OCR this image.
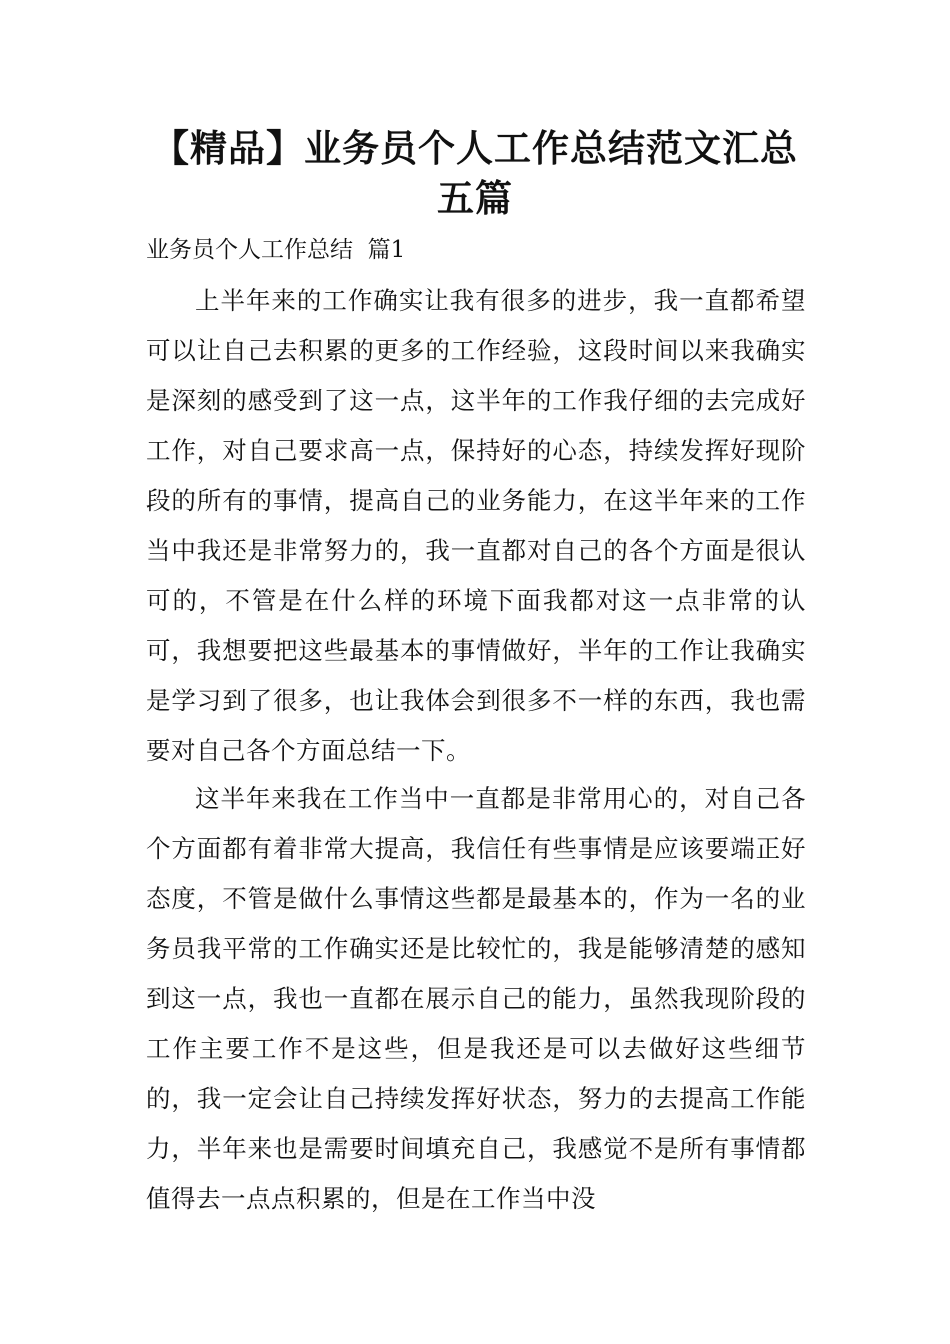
【精品】业务员个人工作总结范文汇总五篇

业务员个人工作总结  篇1

上半年来的工作确实让我有很多的进步，我一直都希望可以让自己去积累的更多的工作经验，这段时间以来我确实是深刻的感受到了这一点，这半年的工作我仔细的去完成好工作，对自己要求高一点，保持好的心态，持续发挥好现阶段的所有的事情，提高自己的业务能力，在这半年来的工作当中我还是非常努力的，我一直都对自己的各个方面是很认可的，不管是在什么样的环境下面我都对这一点非常的认可，我想要把这些最基本的事情做好，半年的工作让我确实是学习到了很多，也让我体会到很多不一样的东西，我也需要对自己各个方面总结一下。

这半年来我在工作当中一直都是非常用心的，对自己各个方面都有着非常大提高，我信任有些事情是应该要端正好态度，不管是做什么事情这些都是最基本的，作为一名的业务员我平常的工作确实还是比较忙的，我是能够清楚的感知到这一点，我也一直都在展示自己的能力，虽然我现阶段的工作主要工作不是这些，但是我还是可以去做好这些细节的，我一定会让自己持续发挥好状态，努力的去提高工作能力，半年来也是需要时间填充自己，我感觉不是所有事情都值得去一点点积累的，但是在工作当中没
